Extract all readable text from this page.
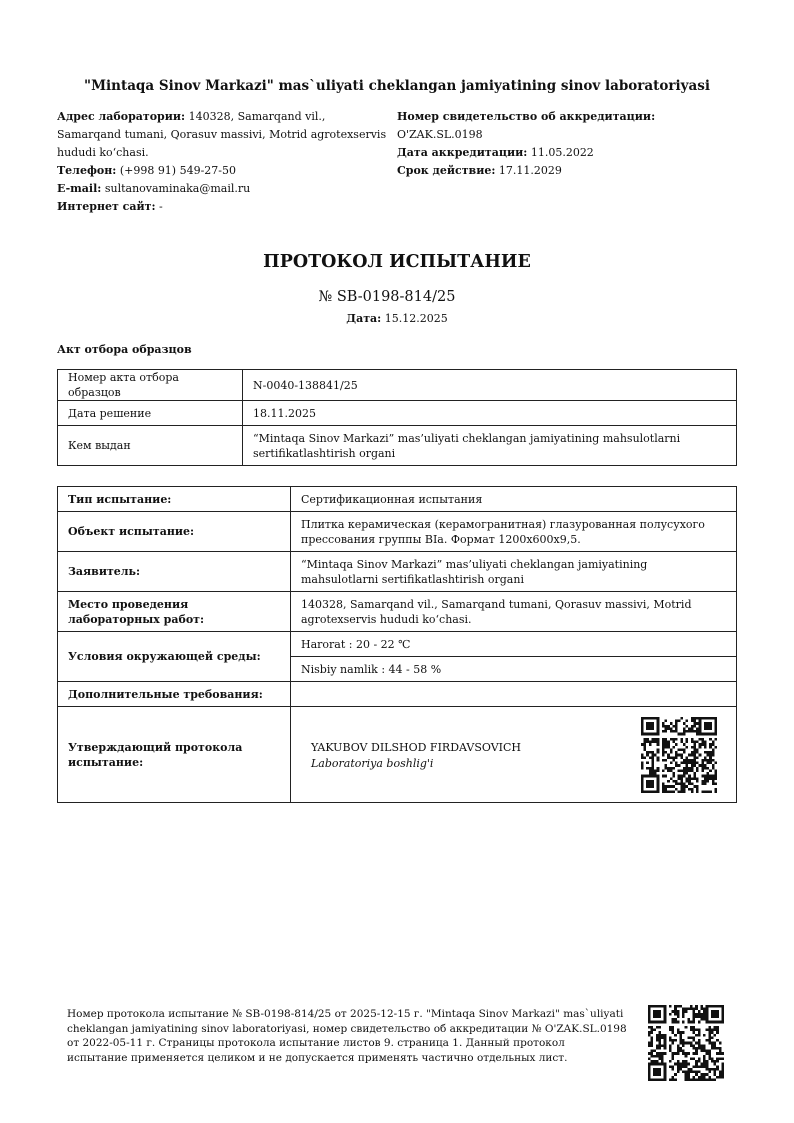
"Mintaqa Sinov Markazi" mas`uliyati cheklangan jamiyatining sinov laboratoriyasi
Адрес лаборатории: 140328, Samarqand vil., Samarqand tumani, Qorasuv massivi, Motrid agrotexservis hududi ko‘chasi.
Телефон: (+998 91) 549-27-50
E-mail: sultanovaminaka@mail.ru
Интернет сайт: -
Номер свидетельство об аккредитации:
O'ZAK.SL.0198
Дата аккредитации: 11.05.2022
Срок действие: 17.11.2029
ПРОТОКОЛ ИСПЫТАНИЕ
№ SB-0198-814/25
Дата: 15.12.2025
Акт отбора образцов
Номер акта отбора образцов	N-0040-138841/25
Дата решение	18.11.2025
Кем выдан	“Mintaqa Sinov Markazi” mas’uliyati cheklangan jamiyatining mahsulotlarni sertifikatlashtirish organi
Тип испытание:	Сертификационная испытания
Объект испытание:	Плитка керамическая (керамогранитная) глазурованная полусухого прессования группы BIa. Формат 1200х600х9,5.
Заявитель:	“Mintaqa Sinov Markazi” mas’uliyati cheklangan jamiyatining mahsulotlarni sertifikatlashtirish organi
Место проведения лабораторных работ:	140328, Samarqand vil., Samarqand tumani, Qorasuv massivi, Motrid agrotexservis hududi ko‘chasi.
Условия окружающей среды:	Harorat : 20 - 22 ℃
	Nisbiy namlik : 44 - 58 %
Дополнительные требования:	
Утверждающий протокола испытание:	YAKUBOV DILSHOD FIRDAVSOVICH
Laboratoriya boshlig'i
Номер протокола испытание № SB-0198-814/25 от 2025-12-15 г. "Mintaqa Sinov Markazi" mas`uliyati cheklangan jamiyatining sinov laboratoriyasi, номер свидетельство об аккредитации № O'ZAK.SL.0198 от 2022-05-11 г. Страницы протокола испытание листов 9. страница 1. Данный протокол испытание применяется целиком и не допускается применять частично отдельных лист.
